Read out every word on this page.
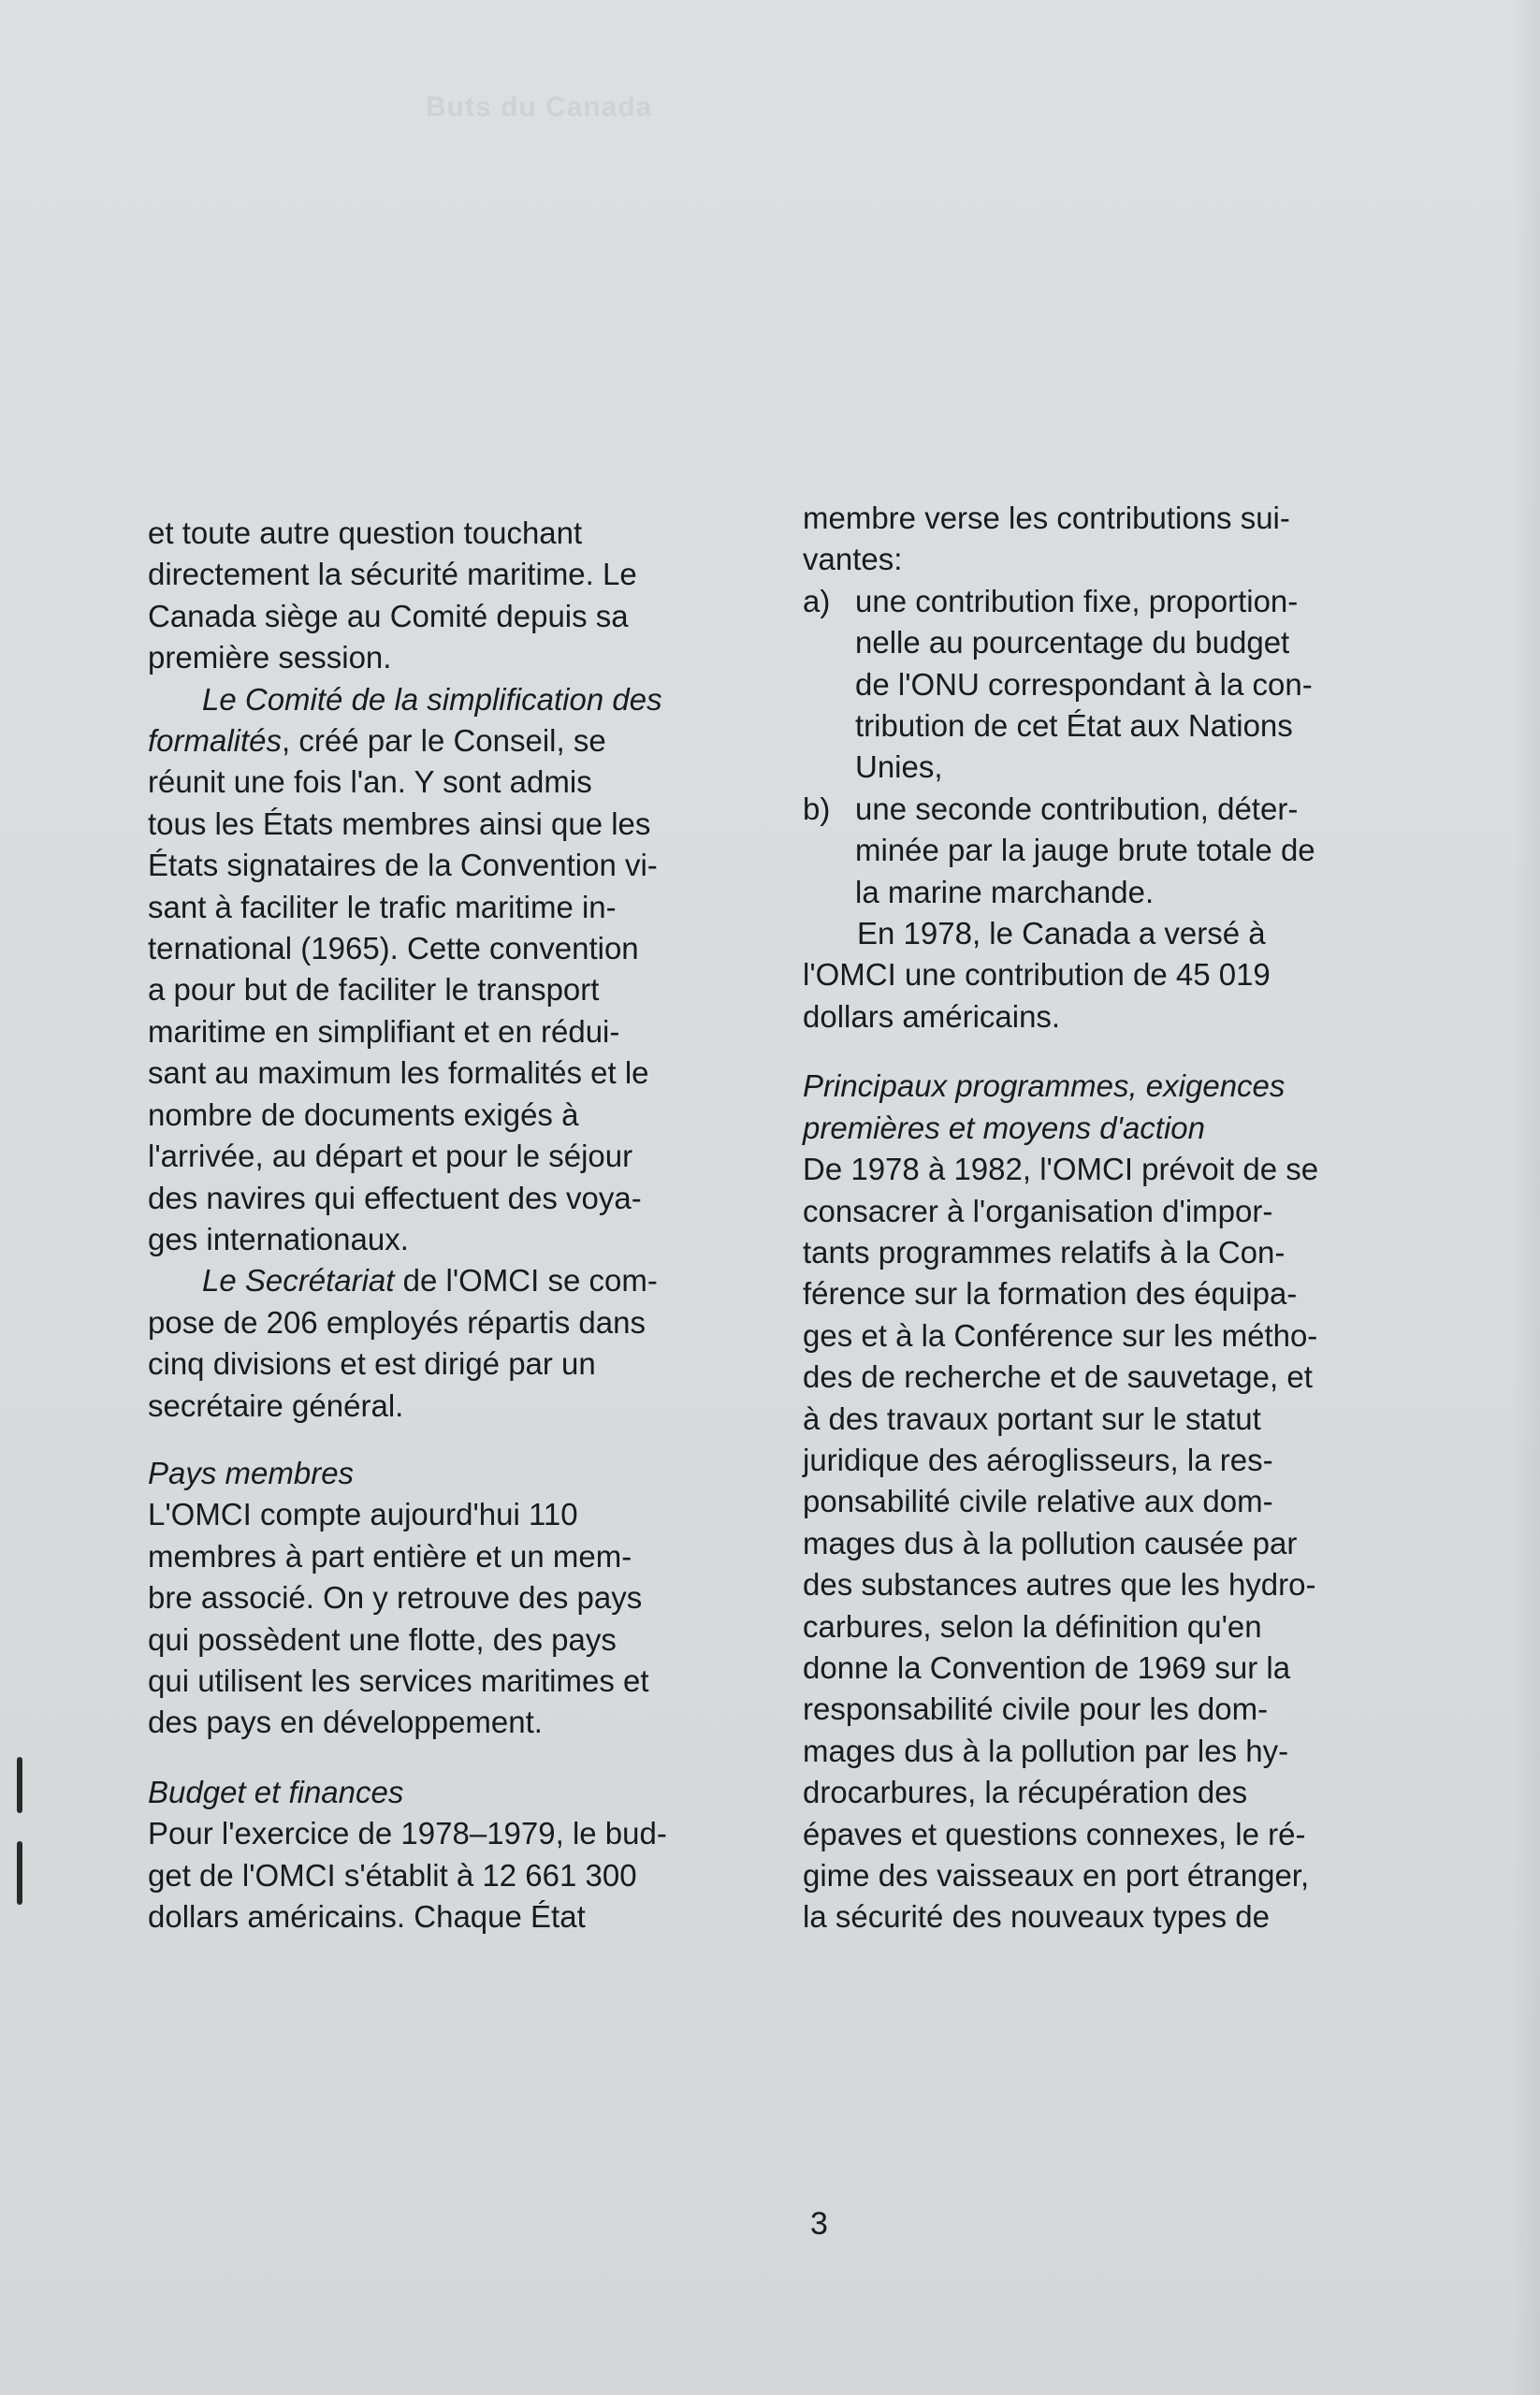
Buts du Canada
et toute autre question touchant
directement la sécurité maritime. Le
Canada siège au Comité depuis sa
première session.
Le Comité de la simplification des
formalités, créé par le Conseil, se
réunit une fois l'an. Y sont admis
tous les États membres ainsi que les
États signataires de la Convention vi-
sant à faciliter le trafic maritime in-
ternational (1965). Cette convention
a pour but de faciliter le transport
maritime en simplifiant et en rédui-
sant au maximum les formalités et le
nombre de documents exigés à
l'arrivée, au départ et pour le séjour
des navires qui effectuent des voya-
ges internationaux.
Le Secrétariat de l'OMCI se com-
pose de 206 employés répartis dans
cinq divisions et est dirigé par un
secrétaire général.
Pays membres
L'OMCI compte aujourd'hui 110
membres à part entière et un mem-
bre associé. On y retrouve des pays
qui possèdent une flotte, des pays
qui utilisent les services maritimes et
des pays en développement.
Budget et finances
Pour l'exercice de 1978–1979, le bud-
get de l'OMCI s'établit à 12 661 300
dollars américains. Chaque État
membre verse les contributions sui-
vantes:
a) une contribution fixe, proportion-
nelle au pourcentage du budget
de l'ONU correspondant à la con-
tribution de cet État aux Nations
Unies,
b) une seconde contribution, déter-
minée par la jauge brute totale de
la marine marchande.
En 1978, le Canada a versé à
l'OMCI une contribution de 45 019
dollars américains.
Principaux programmes, exigences
premières et moyens d'action
De 1978 à 1982, l'OMCI prévoit de se
consacrer à l'organisation d'impor-
tants programmes relatifs à la Con-
férence sur la formation des équipa-
ges et à la Conférence sur les métho-
des de recherche et de sauvetage, et
à des travaux portant sur le statut
juridique des aéroglisseurs, la res-
ponsabilité civile relative aux dom-
mages dus à la pollution causée par
des substances autres que les hydro-
carbures, selon la définition qu'en
donne la Convention de 1969 sur la
responsabilité civile pour les dom-
mages dus à la pollution par les hy-
drocarbures, la récupération des
épaves et questions connexes, le ré-
gime des vaisseaux en port étranger,
la sécurité des nouveaux types de
3
